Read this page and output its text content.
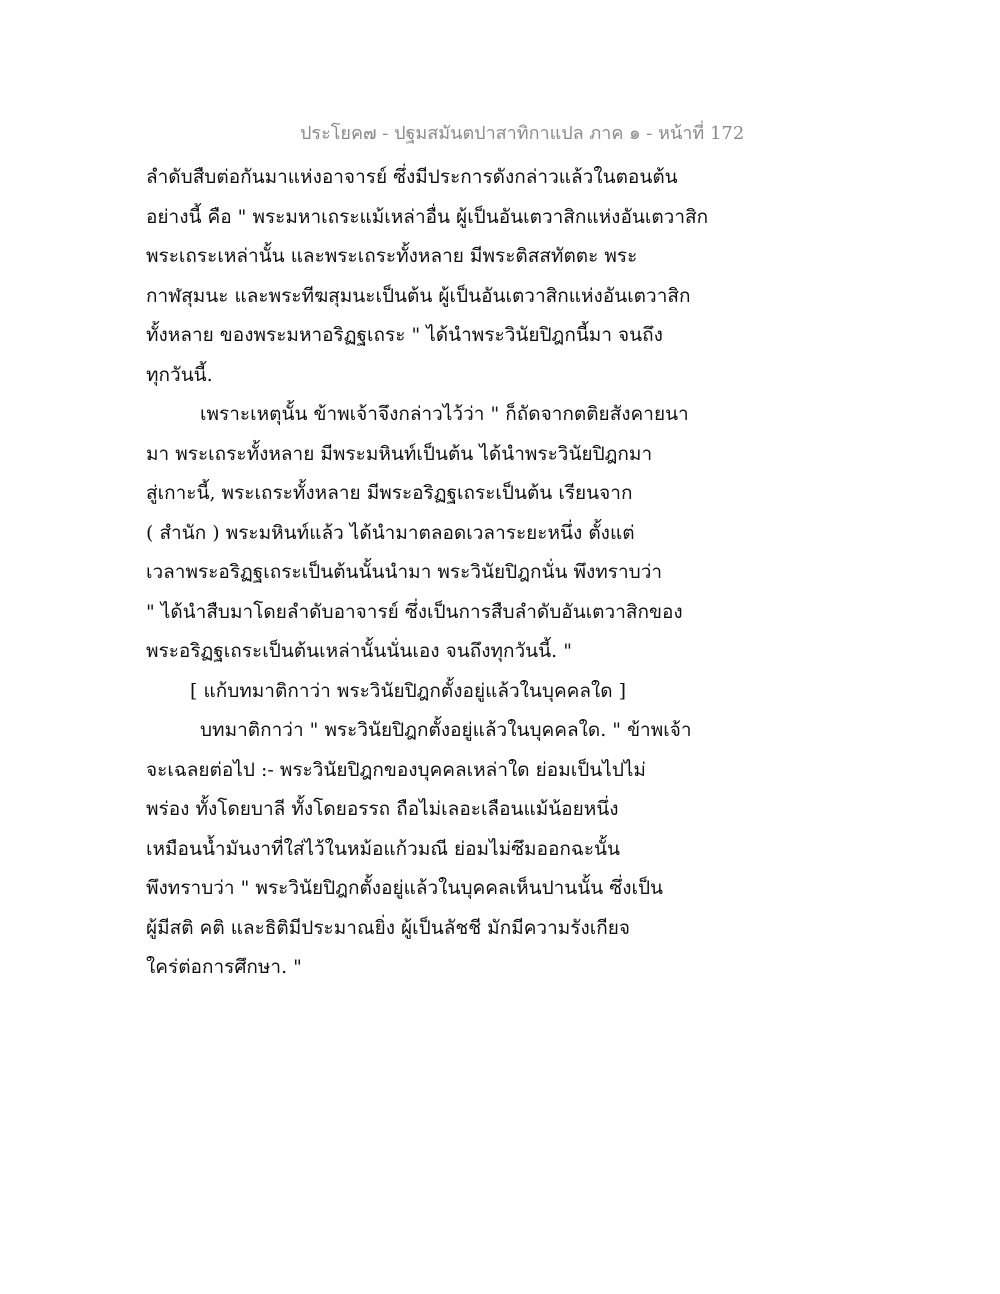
ประโยค๗ - ปฐมสมันตปาสาทิกาแปล ภาค ๑ - หน้าที่ 172
ลำดับสืบต่อกันมาแห่งอาจารย์ ซึ่งมีประการดังกล่าวแล้วในตอนต้น
อย่างนี้ คือ " พระมหาเถระแม้เหล่าอื่น ผู้เป็นอันเตวาสิกแห่งอันเตวาสิก
พระเถระเหล่านั้น และพระเถระทั้งหลาย มีพระติสสทัตตะ พระ
กาฬสุมนะ และพระทีฆสุมนะเป็นต้น ผู้เป็นอันเตวาสิกแห่งอันเตวาสิก
ทั้งหลาย ของพระมหาอริฏฐเถระ " ได้นำพระวินัยปิฎกนี้มา จนถึง
ทุกวันนี้.
เพราะเหตุนั้น ข้าพเจ้าจึงกล่าวไว้ว่า " ก็ถัดจากตติยสังคายนา
มา พระเถระทั้งหลาย มีพระมหินท์เป็นต้น ได้นำพระวินัยปิฎกมา
สู่เกาะนี้, พระเถระทั้งหลาย มีพระอริฏฐเถระเป็นต้น เรียนจาก
( สำนัก ) พระมหินท์แล้ว ได้นำมาตลอดเวลาระยะหนึ่ง ตั้งแต่
เวลาพระอริฏฐเถระเป็นต้นนั้นนำมา พระวินัยปิฎกนั่น พึงทราบว่า
" ได้นำสืบมาโดยลำดับอาจารย์ ซึ่งเป็นการสืบลำดับอันเตวาสิกของ
พระอริฏฐเถระเป็นต้นเหล่านั้นนั่นเอง จนถึงทุกวันนี้. "
[ แก้บทมาติกาว่า พระวินัยปิฎกตั้งอยู่แล้วในบุคคลใด ]
บทมาติกาว่า " พระวินัยปิฎกตั้งอยู่แล้วในบุคคลใด. " ข้าพเจ้า
จะเฉลยต่อไป :- พระวินัยปิฎกของบุคคลเหล่าใด ย่อมเป็นไปไม่
พร่อง ทั้งโดยบาลี ทั้งโดยอรรถ ถือไม่เลอะเลือนแม้น้อยหนึ่ง
เหมือนน้ำมันงาที่ใส่ไว้ในหม้อแก้วมณี ย่อมไม่ซึมออกฉะนั้น
พึงทราบว่า " พระวินัยปิฎกตั้งอยู่แล้วในบุคคลเห็นปานนั้น ซึ่งเป็น
ผู้มีสติ คติ และธิติมีประมาณยิ่ง ผู้เป็นลัชชี มักมีความรังเกียจ
ใคร่ต่อการศึกษา. "
